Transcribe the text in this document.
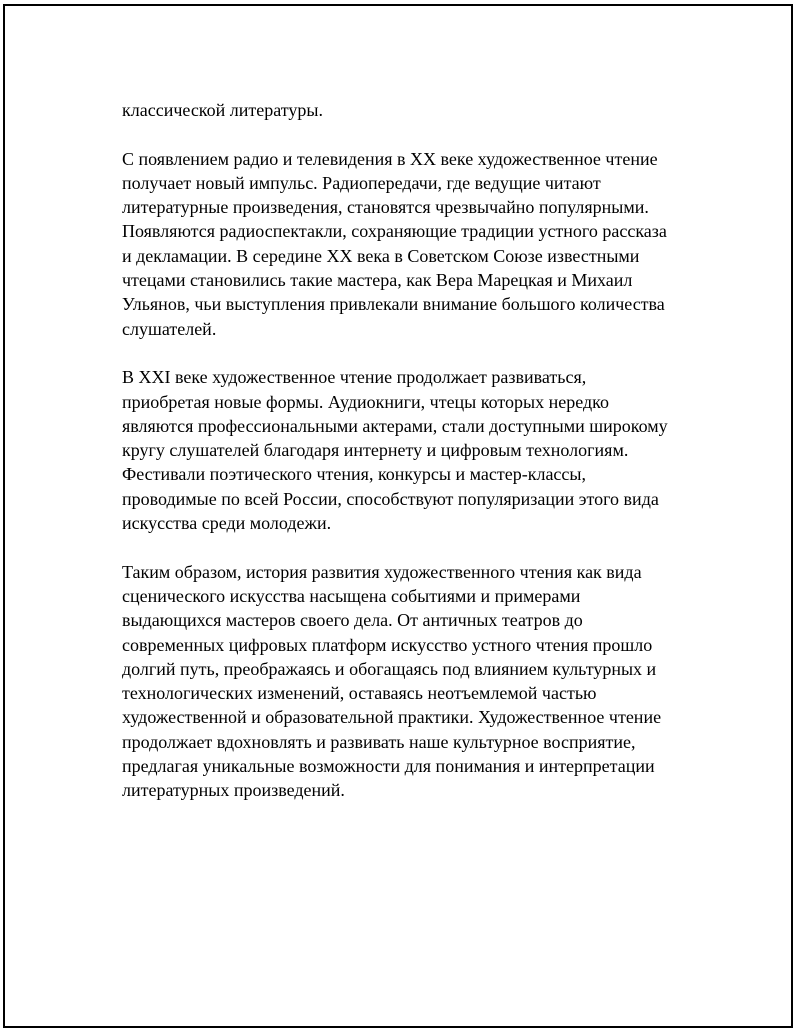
классической литературы.

С появлением радио и телевидения в XX веке художественное чтение
получает новый импульс. Радиопередачи, где ведущие читают
литературные произведения, становятся чрезвычайно популярными.
Появляются радиоспектакли, сохраняющие традиции устного рассказа
и декламации. В середине XX века в Советском Союзе известными
чтецами становились такие мастера, как Вера Марецкая и Михаил
Ульянов, чьи выступления привлекали внимание большого количества
слушателей.

В XXI веке художественное чтение продолжает развиваться,
приобретая новые формы. Аудиокниги, чтецы которых нередко
являются профессиональными актерами, стали доступными широкому
кругу слушателей благодаря интернету и цифровым технологиям.
Фестивали поэтического чтения, конкурсы и мастер-классы,
проводимые по всей России, способствуют популяризации этого вида
искусства среди молодежи.

Таким образом, история развития художественного чтения как вида
сценического искусства насыщена событиями и примерами
выдающихся мастеров своего дела. От античных театров до
современных цифровых платформ искусство устного чтения прошло
долгий путь, преображаясь и обогащаясь под влиянием культурных и
технологических изменений, оставаясь неотъемлемой частью
художественной и образовательной практики. Художественное чтение
продолжает вдохновлять и развивать наше культурное восприятие,
предлагая уникальные возможности для понимания и интерпретации
литературных произведений.
